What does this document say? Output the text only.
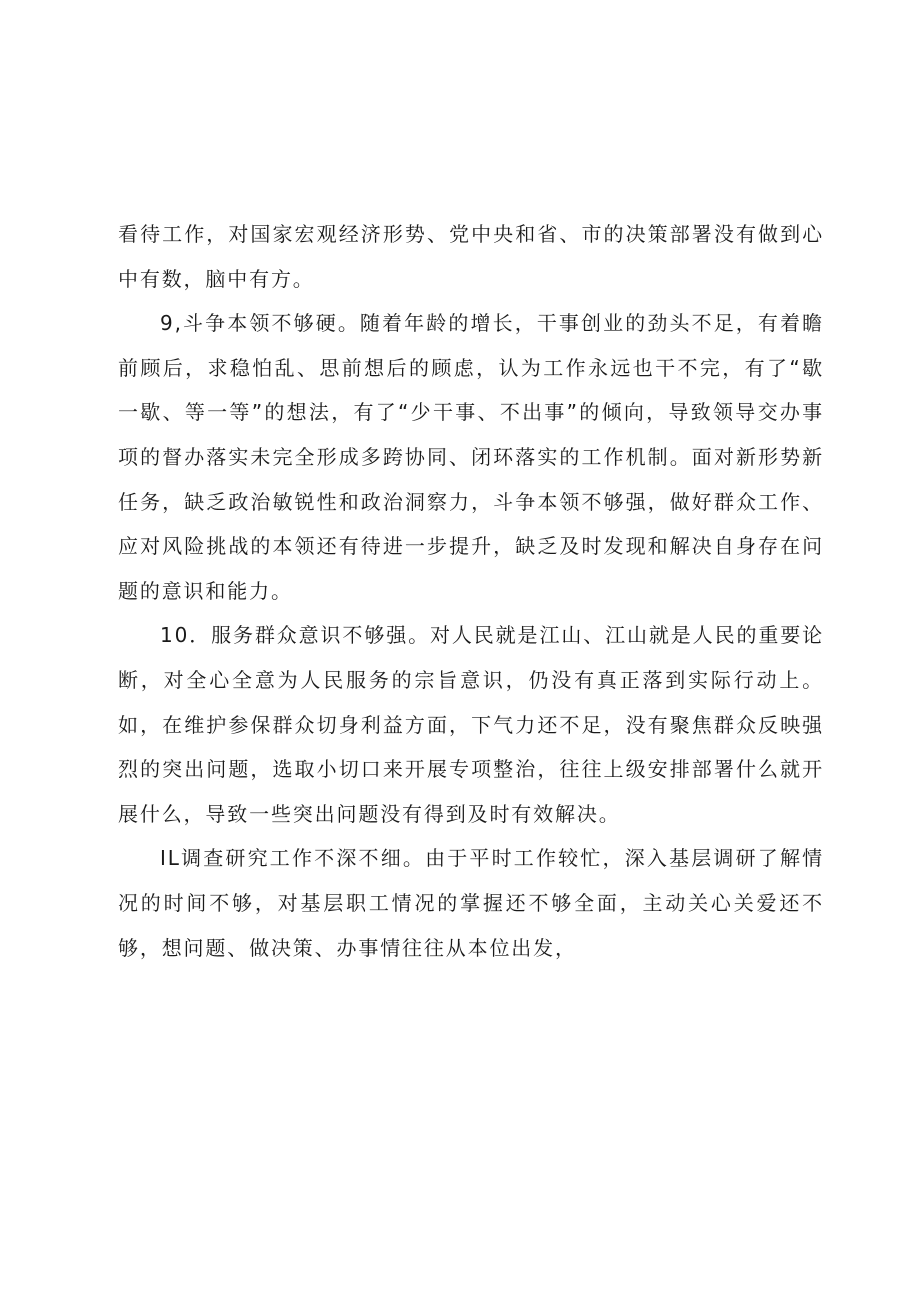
看待工作，对国家宏观经济形势、党中央和省、市的决策部署没有做到心中有数，脑中有方。

9,斗争本领不够硬。随着年龄的增长，干事创业的劲头不足，有着瞻前顾后，求稳怕乱、思前想后的顾虑，认为工作永远也干不完，有了“歇一歇、等一等”的想法，有了“少干事、不出事”的倾向，导致领导交办事项的督办落实未完全形成多跨协同、闭环落实的工作机制。面对新形势新任务，缺乏政治敏锐性和政治洞察力，斗争本领不够强，做好群众工作、应对风险挑战的本领还有待进一步提升，缺乏及时发现和解决自身存在问题的意识和能力。

10．服务群众意识不够强。对人民就是江山、江山就是人民的重要论断，对全心全意为人民服务的宗旨意识，仍没有真正落到实际行动上。如，在维护参保群众切身利益方面，下气力还不足，没有聚焦群众反映强烈的突出问题，选取小切口来开展专项整治，往往上级安排部署什么就开展什么，导致一些突出问题没有得到及时有效解决。

IL调查研究工作不深不细。由于平时工作较忙，深入基层调研了解情况的时间不够，对基层职工情况的掌握还不够全面，主动关心关爱还不够，想问题、做决策、办事情往往从本位出发，
